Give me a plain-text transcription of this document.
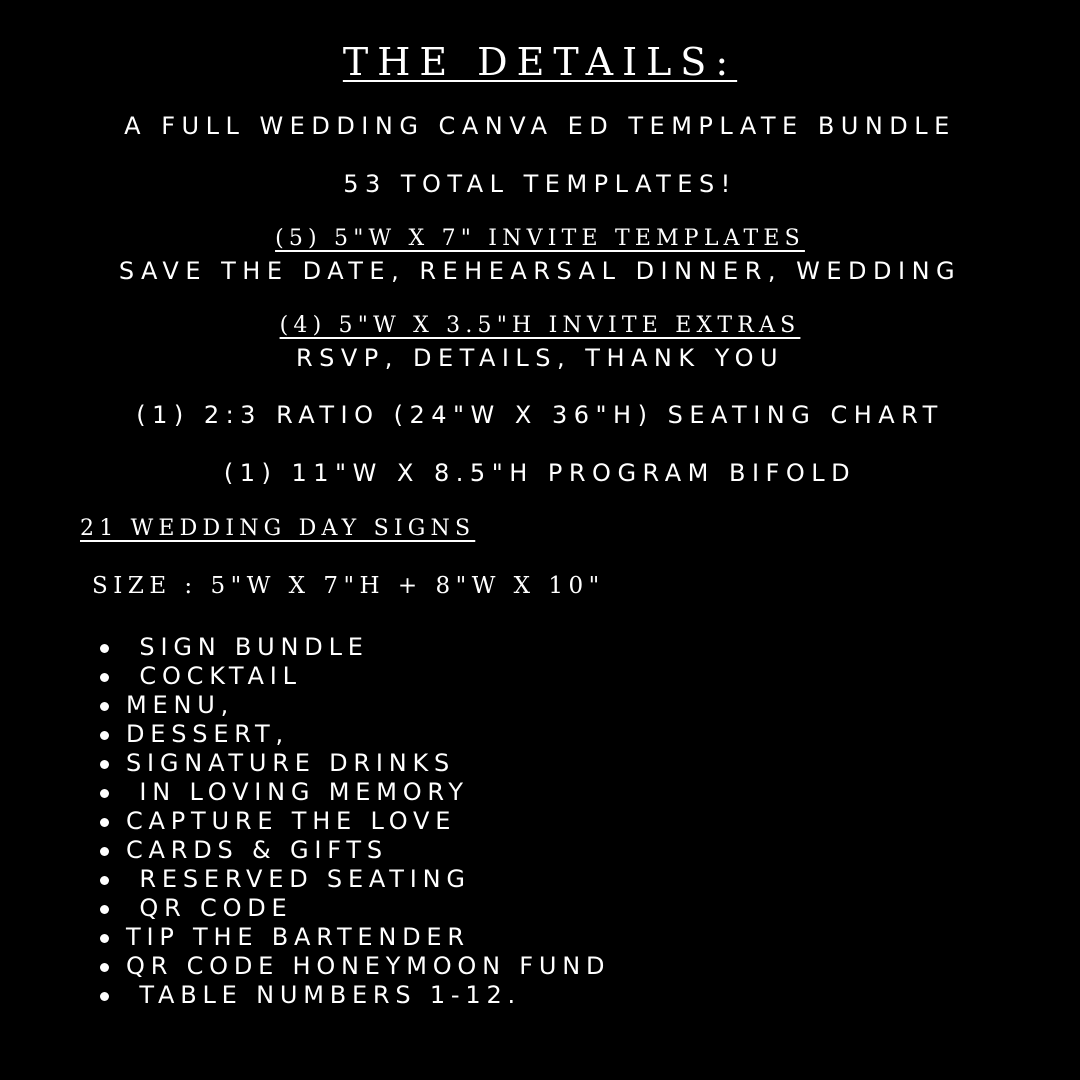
THE DETAILS:
A FULL WEDDING CANVA ED TEMPLATE BUNDLE
53 TOTAL TEMPLATES!
(5) 5"W X 7" INVITE TEMPLATES
SAVE THE DATE, REHEARSAL DINNER, WEDDING
(4) 5"W X 3.5"H INVITE EXTRAS
RSVP, DETAILS, THANK YOU
(1) 2:3 RATIO (24"W X 36"H) SEATING CHART
(1) 11"W X 8.5"H PROGRAM BIFOLD
21 WEDDING DAY SIGNS
SIZE : 5"W X 7"H + 8"W X 10"
SIGN BUNDLE
COCKTAIL
MENU,
DESSERT,
SIGNATURE DRINKS
IN LOVING MEMORY
CAPTURE THE LOVE
CARDS & GIFTS
RESERVED SEATING
QR CODE
TIP THE BARTENDER
QR CODE HONEYMOON FUND
TABLE NUMBERS 1-12.
